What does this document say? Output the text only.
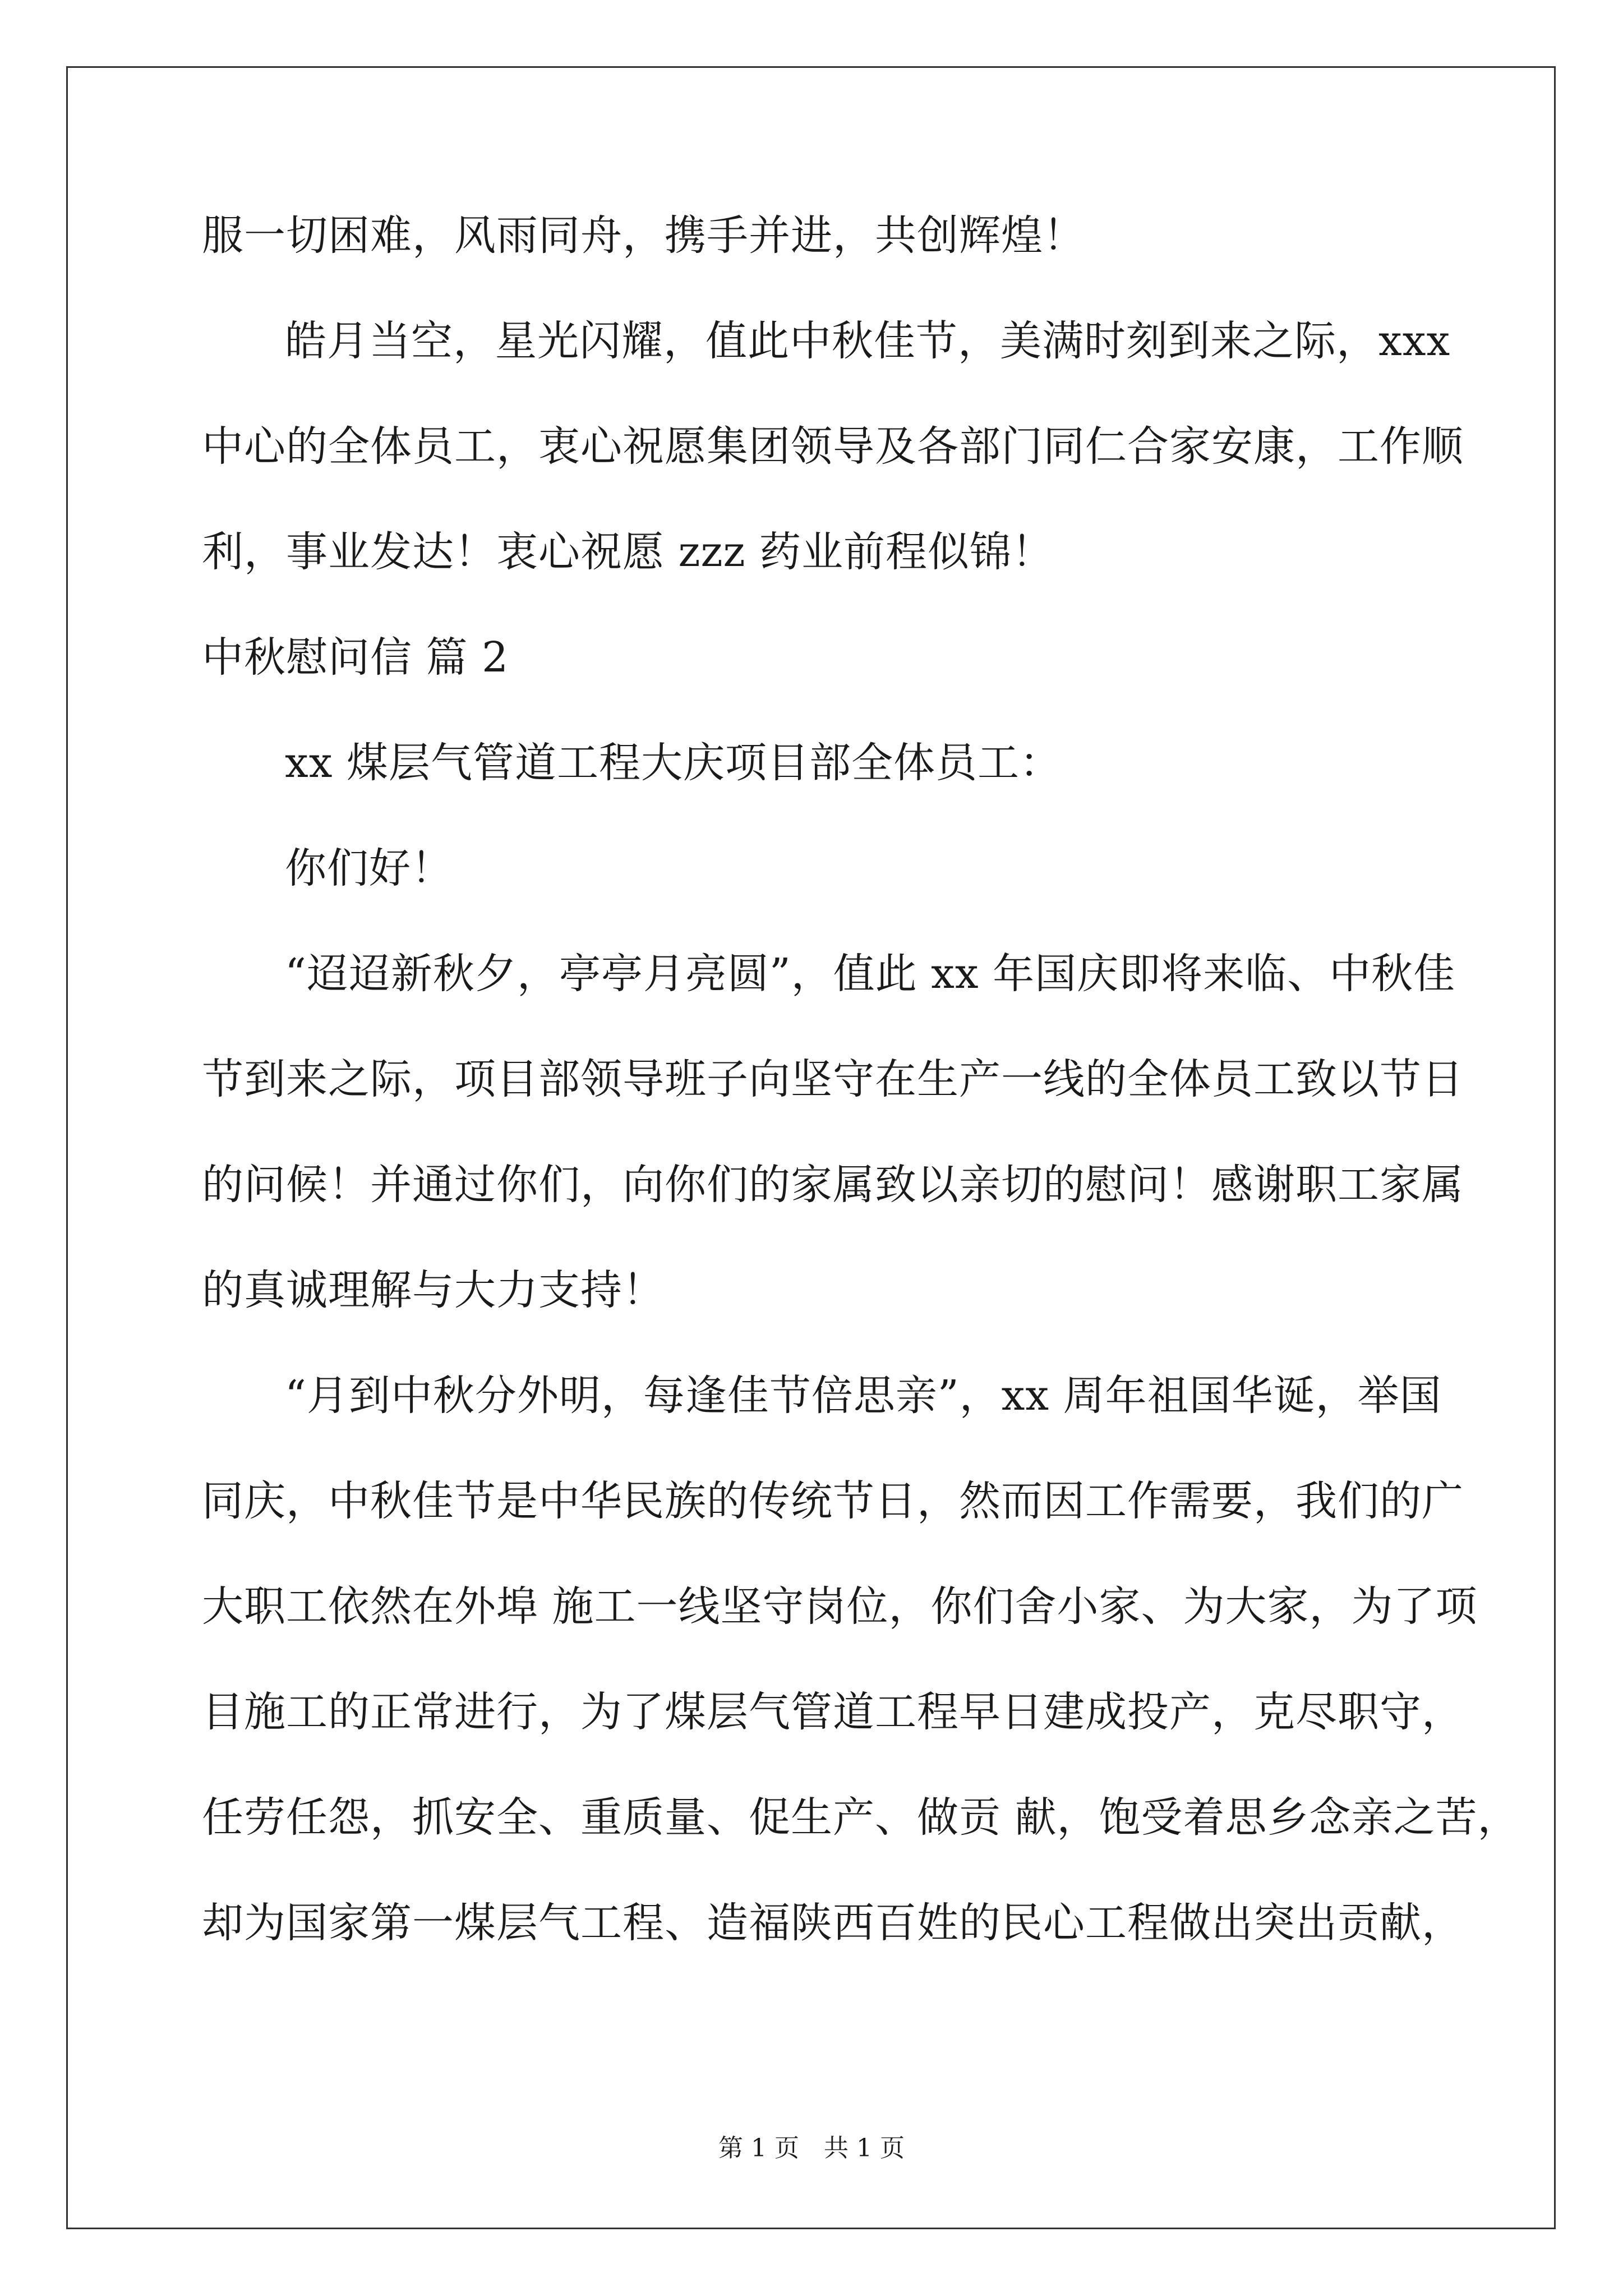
服一切困难，风雨同舟，携手并进，共创辉煌！
皓月当空，星光闪耀，值此中秋佳节，美满时刻到来之际，xxx
中心的全体员工，衷心祝愿集团领导及各部门同仁合家安康，工作顺
利，事业发达！衷心祝愿 zzz 药业前程似锦！
中秋慰问信 篇 2
xx 煤层气管道工程大庆项目部全体员工：
你们好！
“迢迢新秋夕，亭亭月亮圆”，值此 xx 年国庆即将来临、中秋佳
节到来之际，项目部领导班子向坚守在生产一线的全体员工致以节日
的问候！并通过你们，向你们的家属致以亲切的慰问！感谢职工家属
的真诚理解与大力支持！
“月到中秋分外明，每逢佳节倍思亲”，xx 周年祖国华诞，举国
同庆，中秋佳节是中华民族的传统节日，然而因工作需要，我们的广
大职工依然在外埠 施工一线坚守岗位，你们舍小家、为大家，为了项
目施工的正常进行，为了煤层气管道工程早日建成投产，克尽职守，
任劳任怨，抓安全、重质量、促生产、做贡 献，饱受着思乡念亲之苦，
却为国家第一煤层气工程、造福陕西百姓的民心工程做出突出贡献，
第 1 页 共 1 页
